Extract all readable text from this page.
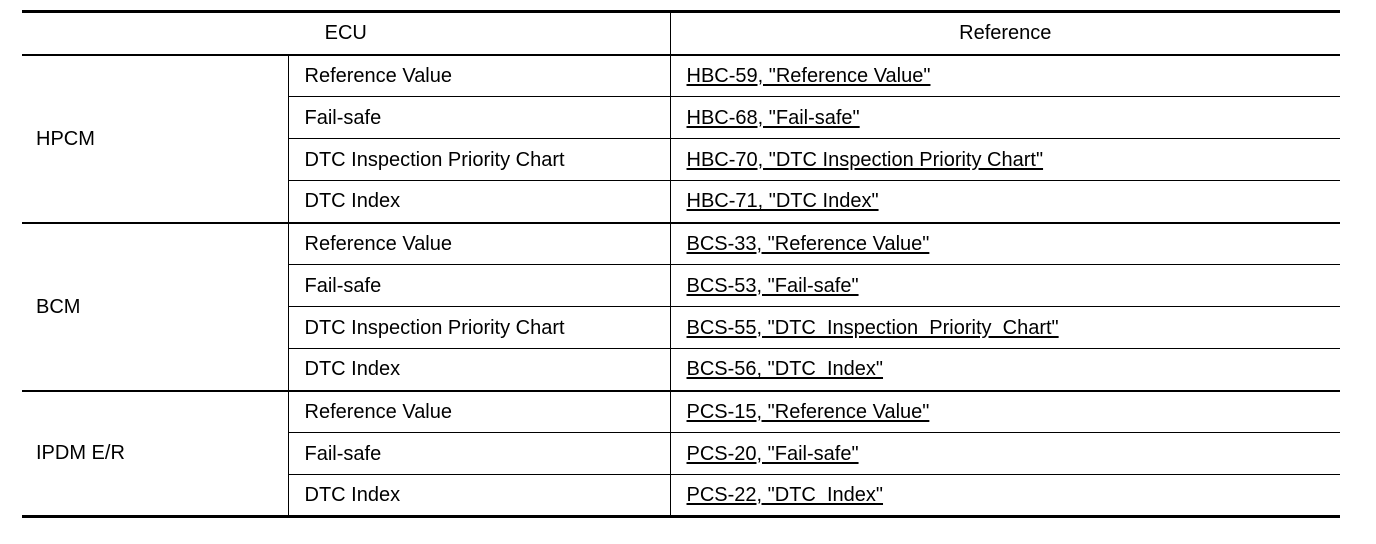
ECU		Reference
HPCM	Reference Value	HBC-59, "Reference Value"
	Fail-safe	HBC-68, "Fail-safe"
	DTC Inspection Priority Chart	HBC-70, "DTC Inspection Priority Chart"
	DTC Index	HBC-71, "DTC Index"
BCM	Reference Value	BCS-33, "Reference Value"
	Fail-safe	BCS-53, "Fail-safe"
	DTC Inspection Priority Chart	BCS-55, "DTC_Inspection_Priority_Chart"
	DTC Index	BCS-56, "DTC_Index"
IPDM E/R	Reference Value	PCS-15, "Reference Value"
	Fail-safe	PCS-20, "Fail-safe"
	DTC Index	PCS-22, "DTC_Index"
